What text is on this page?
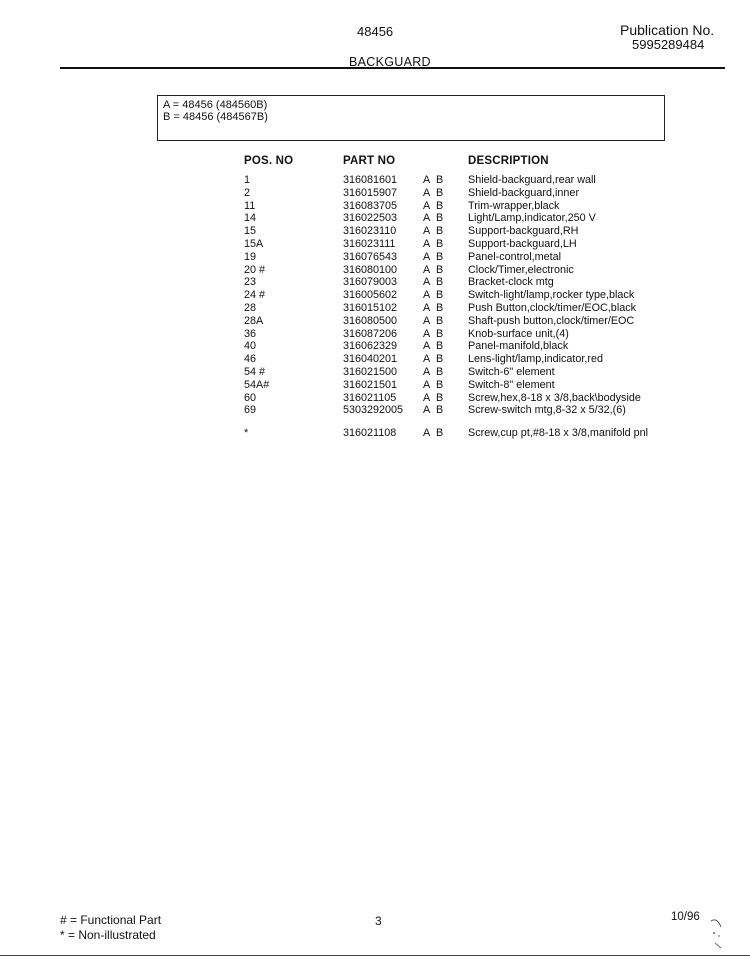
48456	Publication No.
5995289484
BACKGUARD
A = 48456 (484560B)
B = 48456 (484567B)
POS. NO	PART NO	DESCRIPTION
1	316081601 A B Shield-backguard,rear wall
2	316015907 A B Shield-backguard,inner
11	316083705 A B Trim-wrapper,black
14	316022503 A B Light/Lamp,indicator,250 V
15	316023110 A B Support-backguard,RH
15A	316023111	A B Support-backguard,LH
19	316076543 A B Panel-control,metal
20 #	316080100 A B Clock/Timer,electronic
23	316079003 A B Bracket-clock mtg
24 #	316005602 A B Switch-light/lamp,rocker type,black
28	316015102 A B Push Button,clock/timer/EOC,black
28A	316080500 A B Shaft-push button,clock/timer/EOC
36	316087206 A B Knob-surface unit,(4)
40	316062329 A B Panel-manifold,black
46	316040201 A B Lens-light/lamp,indicator,red
54 #	316021500 A B Switch-6" element
54A#	316021501 A B Switch-8" element
60	316021105 A B Screw,hex,8-18 x 3/8,back\bodyside
69	5303292005 A B Screw-switch mtg,8-32 x 5/32,(6)
*	316021108 A B Screw,cup pt,#8-18 x 3/8,manifold pnl
# = Functional Part
* = Non-illustrated
3	10/96
